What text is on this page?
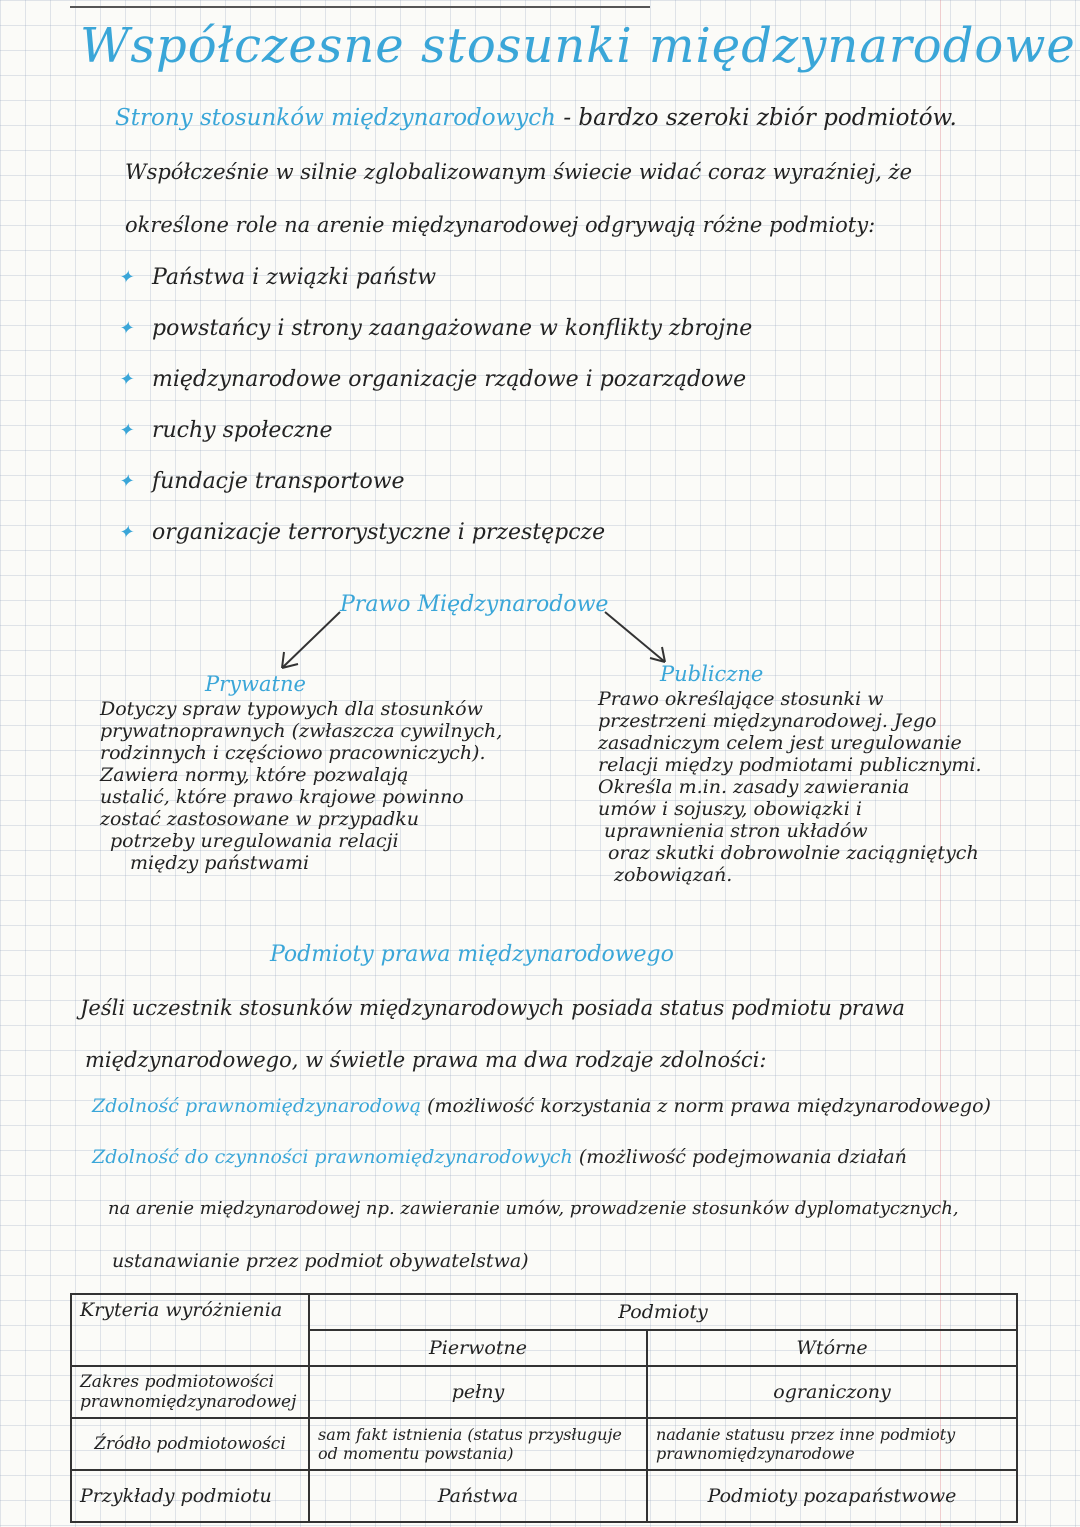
Współczesne stosunki międzynarodowe
Strony stosunków międzynarodowych - bardzo szeroki zbiór podmiotów.
Współcześnie w silnie zglobalizowanym świecie widać coraz wyraźniej, że
określone role na arenie międzynarodowej odgrywają różne podmioty:
✦ Państwa i związki państw
✦ powstańcy i strony zaangażowane w konflikty zbrojne
✦ międzynarodowe organizacje rządowe i pozarządowe
✦ ruchy społeczne
✦ fundacje transportowe
✦ organizacje terrorystyczne i przestępcze
Prawo Międzynarodowe
Prywatne	Publiczne
Dotyczy spraw typowych dla stosunków
prywatnoprawnych (zwłaszcza cywilnych,
rodzinnych i częściowo pracowniczych).
Zawiera normy, które pozwalają
ustalić, które prawo krajowe powinno
zostać zastosowane w przypadku
potrzeby uregulowania relacji
między państwami
Prawo określające stosunki w
przestrzeni międzynarodowej. Jego
zasadniczym celem jest uregulowanie
relacji między podmiotami publicznymi.
Określa m.in. zasady zawierania
umów i sojuszy, obowiązki i
uprawnienia stron układów
oraz skutki dobrowolnie zaciągniętych
zobowiązań.
Podmioty prawa międzynarodowego
Jeśli uczestnik stosunków międzynarodowych posiada status podmiotu prawa
międzynarodowego, w świetle prawa ma dwa rodzaje zdolności:
Zdolność prawnomiędzynarodową (możliwość korzystania z norm prawa międzynarodowego)
Zdolność do czynności prawnomiędzynarodowych (możliwość podejmowania działań
na arenie międzynarodowej np. zawieranie umów, prowadzenie stosunków dyplomatycznych,
ustanawianie przez podmiot obywatelstwa)
Kryteria wyróżnienia	Podmioty	
	Pierwotne	Wtórne
Zakres podmiotowości prawnomiędzynarodowej	pełny	ograniczony
Źródło podmiotowości	sam fakt istnienia (status przysługuje od momentu powstania)	nadanie statusu przez inne podmioty prawnomiędzynarodowe
Przykłady podmiotu	Państwa	Podmioty pozapaństwowe
